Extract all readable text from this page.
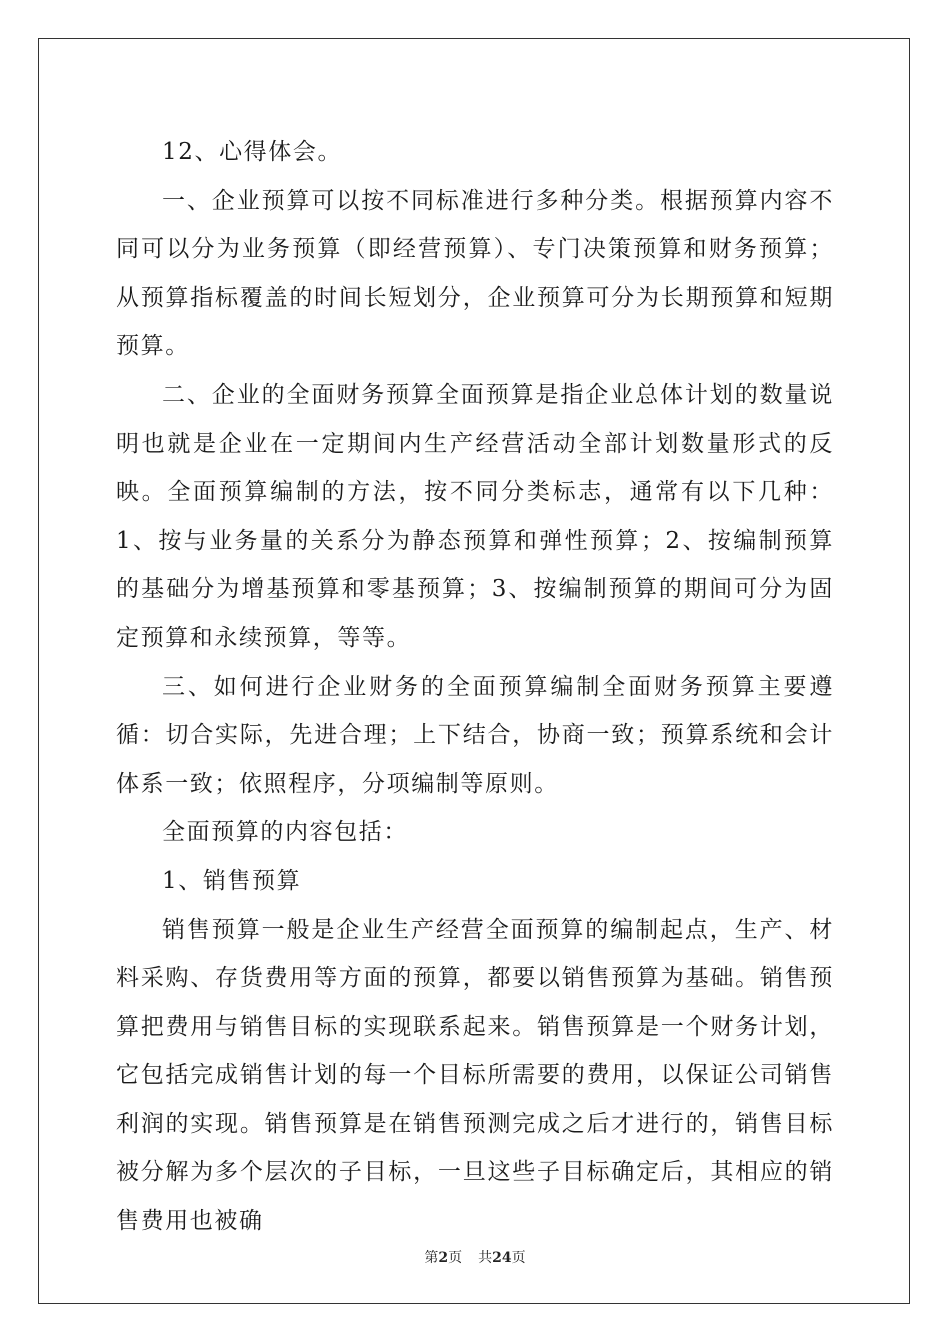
12、心得体会。

一、企业预算可以按不同标准进行多种分类。根据预算内容不同可以分为业务预算（即经营预算）、专门决策预算和财务预算；从预算指标覆盖的时间长短划分，企业预算可分为长期预算和短期预算。

二、企业的全面财务预算全面预算是指企业总体计划的数量说明也就是企业在一定期间内生产经营活动全部计划数量形式的反映。全面预算编制的方法，按不同分类标志，通常有以下几种：1、按与业务量的关系分为静态预算和弹性预算；2、按编制预算的基础分为增基预算和零基预算；3、按编制预算的期间可分为固定预算和永续预算，等等。

三、如何进行企业财务的全面预算编制全面财务预算主要遵循：切合实际，先进合理；上下结合，协商一致；预算系统和会计体系一致；依照程序，分项编制等原则。

全面预算的内容包括：

1、销售预算

销售预算一般是企业生产经营全面预算的编制起点，生产、材料采购、存货费用等方面的预算，都要以销售预算为基础。销售预算把费用与销售目标的实现联系起来。销售预算是一个财务计划，它包括完成销售计划的每一个目标所需要的费用，以保证公司销售利润的实现。销售预算是在销售预测完成之后才进行的，销售目标被分解为多个层次的子目标，一旦这些子目标确定后，其相应的销售费用也被确

第2页 共24页
